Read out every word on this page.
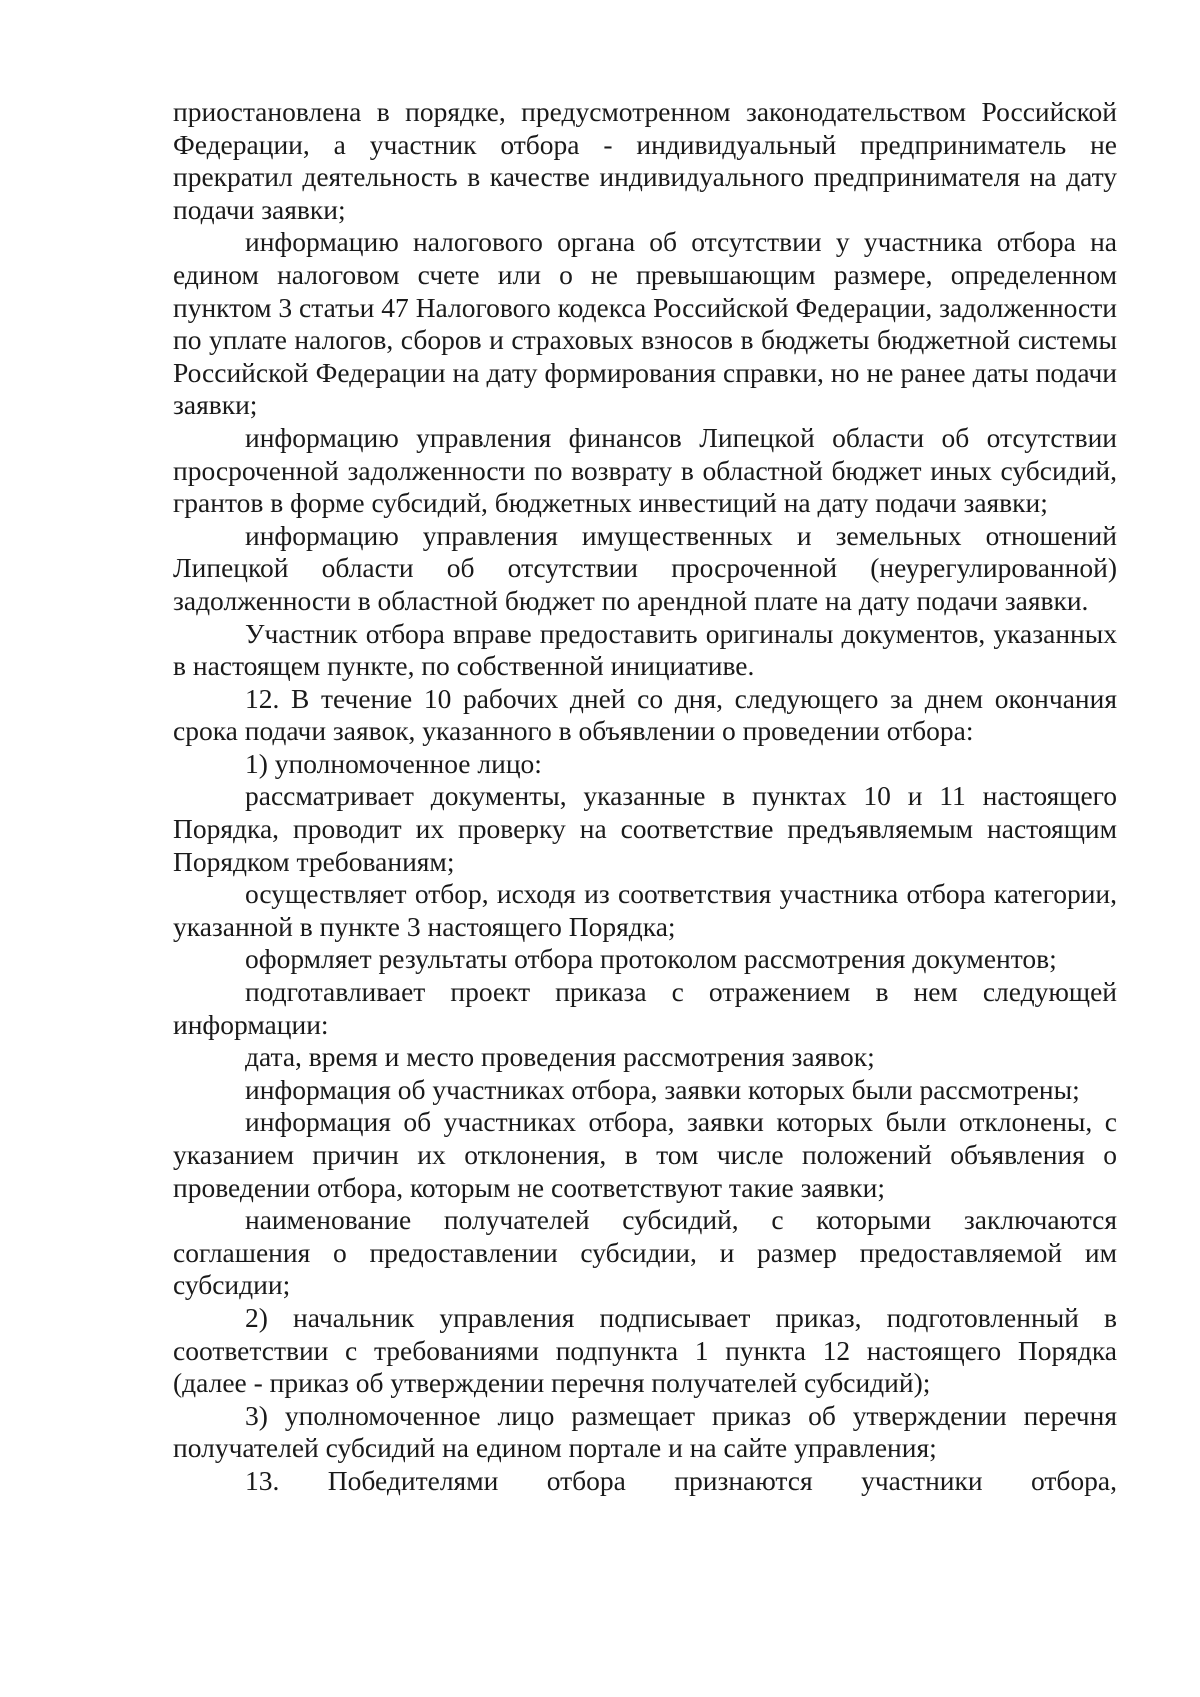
приостановлена в порядке, предусмотренном законодательством Российской Федерации, а участник отбора - индивидуальный предприниматель не прекратил деятельность в качестве индивидуального предпринимателя на дату подачи заявки;

информацию налогового органа об отсутствии у участника отбора на едином налоговом счете или о не превышающим размере, определенном пунктом 3 статьи 47 Налогового кодекса Российской Федерации, задолженности по уплате налогов, сборов и страховых взносов в бюджеты бюджетной системы Российской Федерации на дату формирования справки, но не ранее даты подачи заявки;

информацию управления финансов Липецкой области об отсутствии просроченной задолженности по возврату в областной бюджет иных субсидий, грантов в форме субсидий, бюджетных инвестиций на дату подачи заявки;

информацию управления имущественных и земельных отношений Липецкой области об отсутствии просроченной (неурегулированной) задолженности в областной бюджет по арендной плате на дату подачи заявки.

Участник отбора вправе предоставить оригиналы документов, указанных в настоящем пункте, по собственной инициативе.

12. В течение 10 рабочих дней со дня, следующего за днем окончания срока подачи заявок, указанного в объявлении о проведении отбора:

1) уполномоченное лицо:

рассматривает документы, указанные в пунктах 10 и 11 настоящего Порядка, проводит их проверку на соответствие предъявляемым настоящим Порядком требованиям;

осуществляет отбор, исходя из соответствия участника отбора категории, указанной в пункте 3 настоящего Порядка;

оформляет результаты отбора протоколом рассмотрения документов;

подготавливает проект приказа с отражением в нем следующей информации:

дата, время и место проведения рассмотрения заявок;

информация об участниках отбора, заявки которых были рассмотрены;

информация об участниках отбора, заявки которых были отклонены, с указанием причин их отклонения, в том числе положений объявления о проведении отбора, которым не соответствуют такие заявки;

наименование получателей субсидий, с которыми заключаются соглашения о предоставлении субсидии, и размер предоставляемой им субсидии;

2) начальник управления подписывает приказ, подготовленный в соответствии с требованиями подпункта 1 пункта 12 настоящего Порядка (далее - приказ об утверждении перечня получателей субсидий);

3) уполномоченное лицо размещает приказ об утверждении перечня получателей субсидий на едином портале и на сайте управления;

13. Победителями отбора признаются участники отбора,
